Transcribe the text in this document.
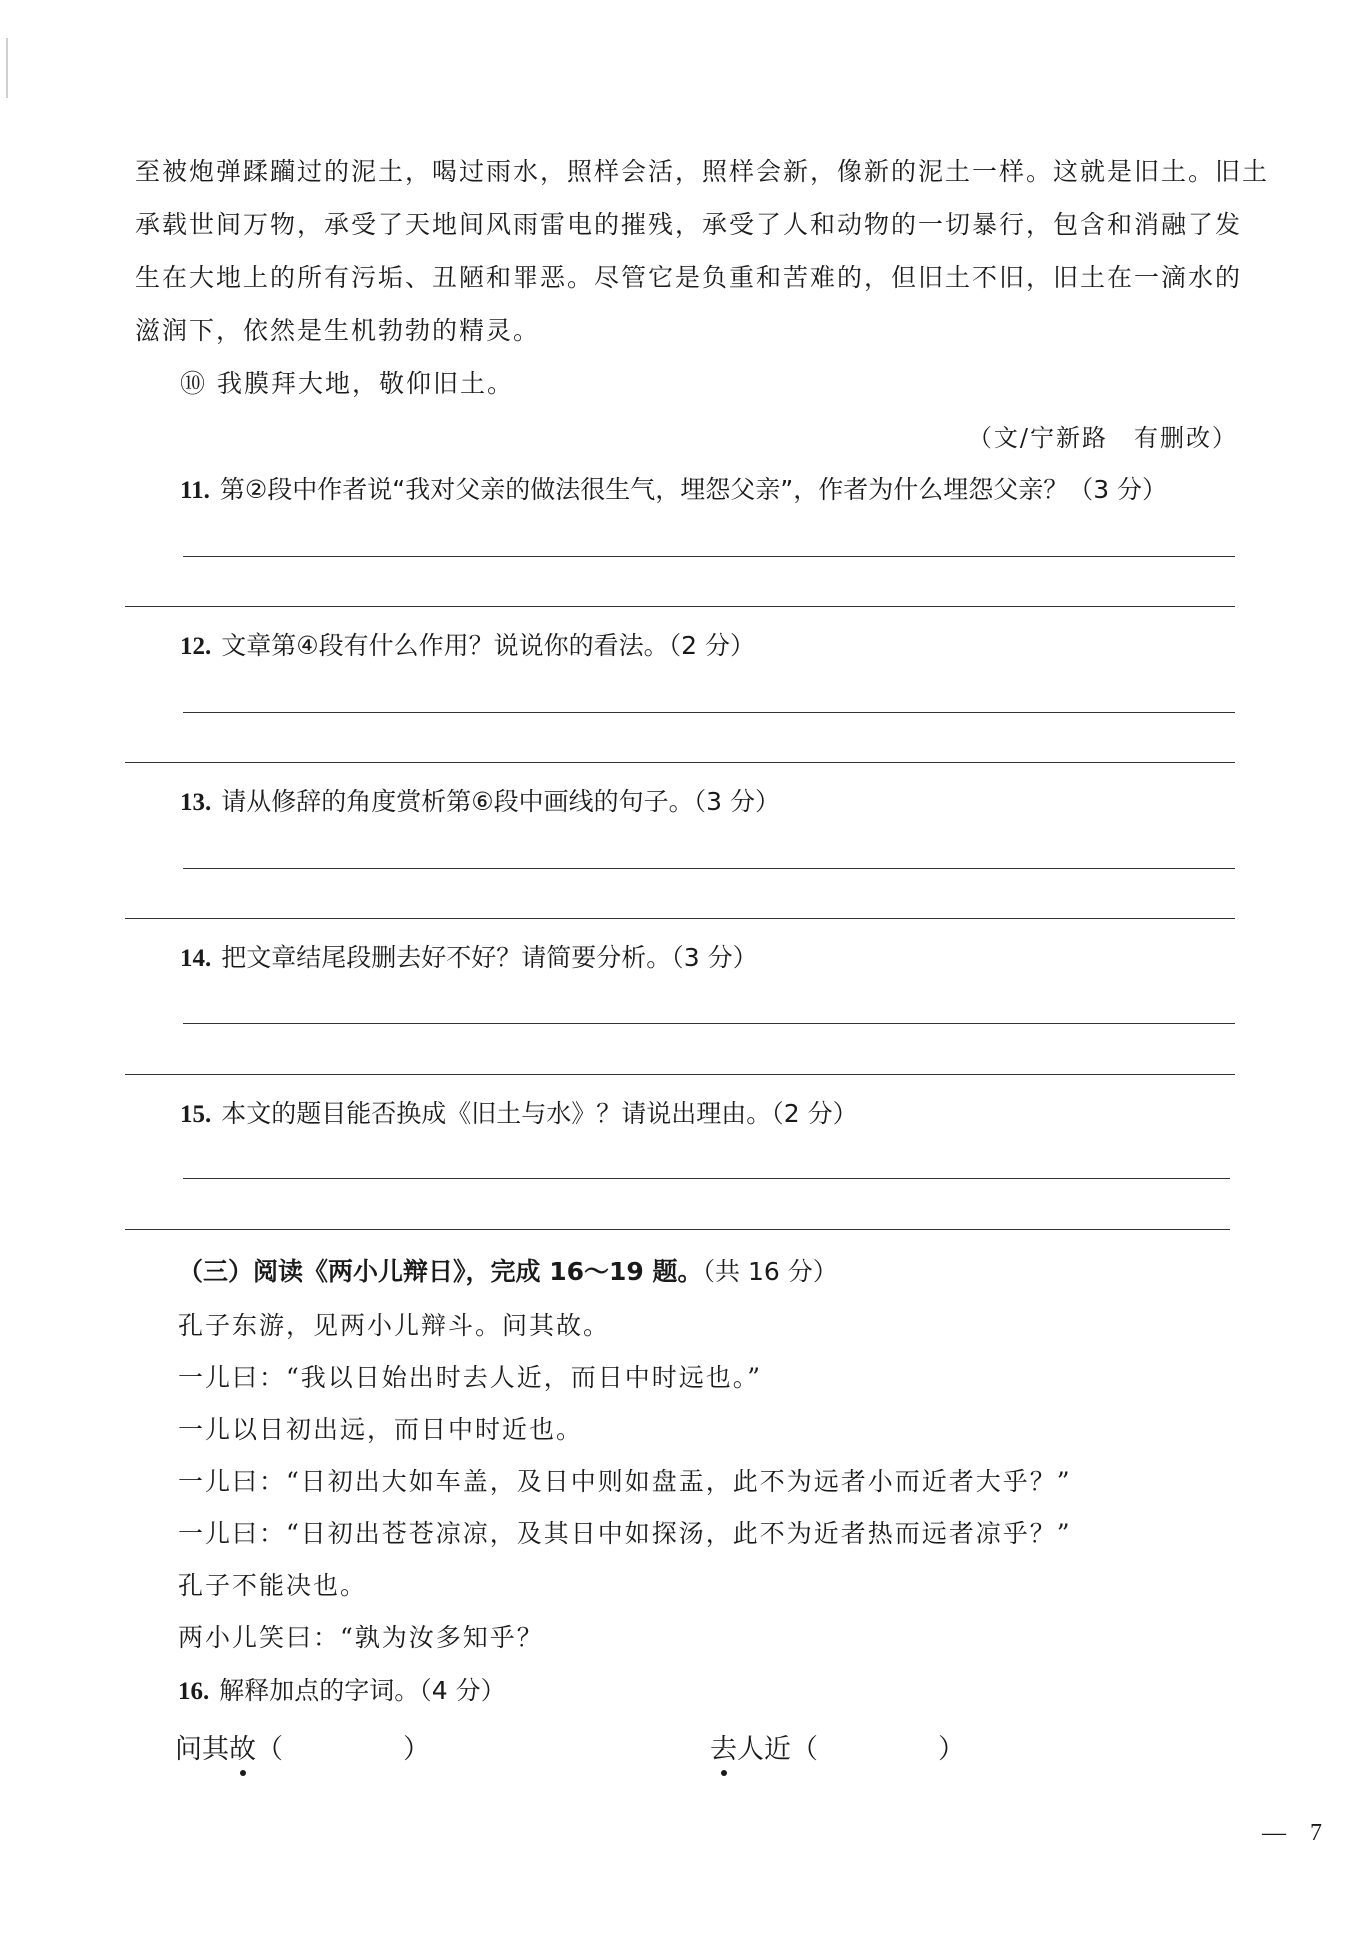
至被炮弹蹂躏过的泥土，喝过雨水，照样会活，照样会新，像新的泥土一样。这就是旧土。旧土
承载世间万物，承受了天地间风雨雷电的摧残，承受了人和动物的一切暴行，包含和消融了发
生在大地上的所有污垢、丑陋和罪恶。尽管它是负重和苦难的，但旧土不旧，旧土在一滴水的
滋润下，依然是生机勃勃的精灵。
⑩ 我膜拜大地，敬仰旧土。
（文/宁新路　有删改）
11. 第②段中作者说“我对父亲的做法很生气，埋怨父亲”，作者为什么埋怨父亲？（3 分）
12. 文章第④段有什么作用？说说你的看法。（2 分）
13. 请从修辞的角度赏析第⑥段中画线的句子。（3 分）
14. 把文章结尾段删去好不好？请简要分析。（3 分）
15. 本文的题目能否换成《旧土与水》？请说出理由。（2 分）
（三）阅读《两小儿辩日》，完成 16～19 题。（共 16 分）
孔子东游，见两小儿辩斗。问其故。
一儿曰：“我以日始出时去人近，而日中时远也。”
一儿以日初出远，而日中时近也。
一儿曰：“日初出大如车盖，及日中则如盘盂，此不为远者小而近者大乎？”
一儿曰：“日初出苍苍凉凉，及其日中如探汤，此不为近者热而远者凉乎？”
孔子不能决也。
两小儿笑曰：“孰为汝多知乎？
16. 解释加点的字词。（4 分）
问其故（	）	去人近（	）
—　7
